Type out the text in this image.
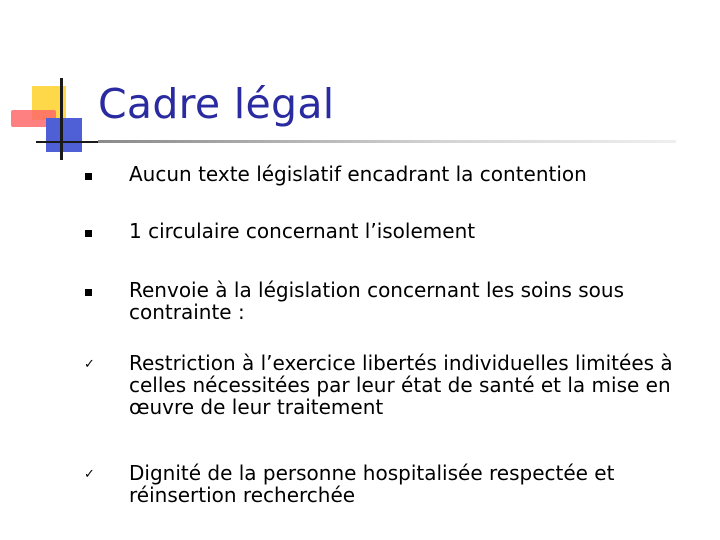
Cadre légal

Aucun texte législatif encadrant la contention

1 circulaire concernant l’isolement

Renvoie à la législation concernant les soins sous contrainte :

✓ Restriction à l’exercice libertés individuelles limitées à celles nécessitées par leur état de santé et la mise en œuvre de leur traitement

✓ Dignité de la personne hospitalisée respectée et réinsertion recherchée
